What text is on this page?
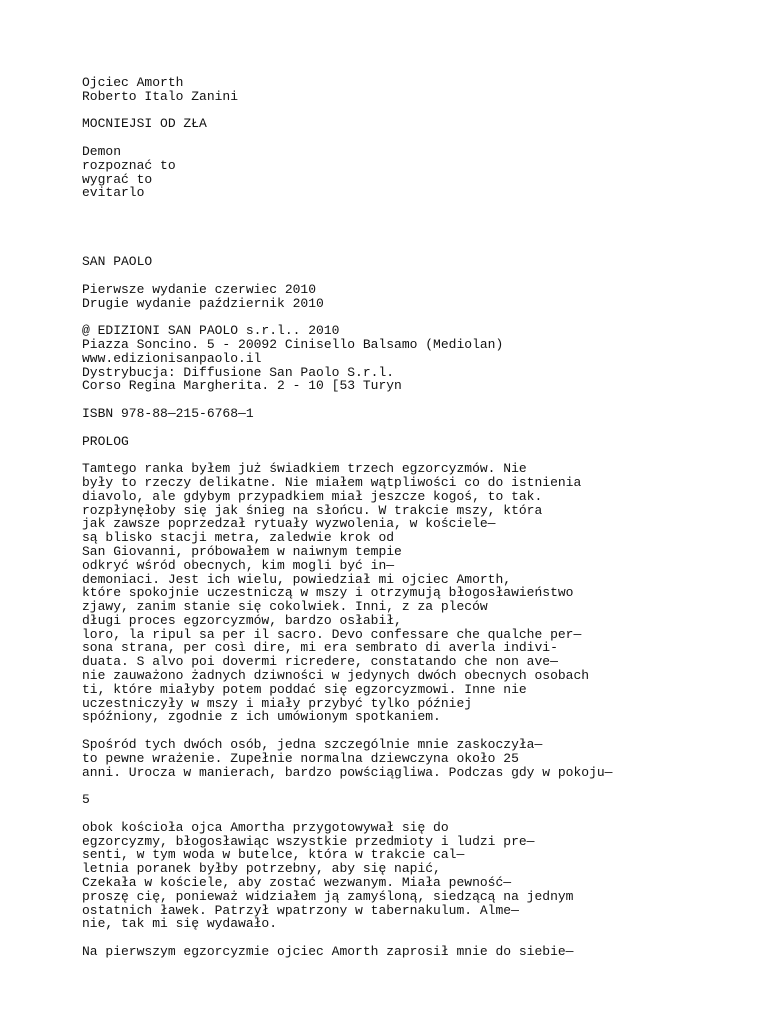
Ojciec Amorth
Roberto Italo Zanini
MOCNIEJSI OD ZŁA
Demon
rozpoznać to
wygrać to
evitarlo
SAN PAOLO
Pierwsze wydanie czerwiec 2010
Drugie wydanie październik 2010
@ EDIZIONI SAN PAOLO s.r.l.. 2010
Piazza Soncino. 5 - 20092 Cinisello Balsamo (Mediolan)
www.edizionisanpaolo.il
Dystrybucja: Diffusione San Paolo S.r.l.
Corso Regina Margherita. 2 - 10 [53 Turyn
ISBN 978-88—215-6768—1
PROLOG
Tamtego ranka byłem już świadkiem trzech egzorcyzmów. Nie
były to rzeczy delikatne. Nie miałem wątpliwości co do istnienia
diavolo, ale gdybym przypadkiem miał jeszcze kogoś, to tak.
rozpłynęłoby się jak śnieg na słońcu. W trakcie mszy, która
jak zawsze poprzedzał rytuały wyzwolenia, w kościele—
są blisko stacji metra, zaledwie krok od
San Giovanni, próbowałem w naiwnym tempie
odkryć wśród obecnych, kim mogli być in—
demoniaci. Jest ich wielu, powiedział mi ojciec Amorth,
które spokojnie uczestniczą w mszy i otrzymują błogosławieństwo
zjawy, zanim stanie się cokolwiek. Inni, z za pleców
długi proces egzorcyzmów, bardzo osłabił,
loro, la ripul sa per il sacro. Devo confessare che qualche per—
sona strana, per così dire, mi era sembrato di averla indivi-
duata. S alvo poi dovermi ricredere, constatando che non ave—
nie zauważono żadnych dziwności w jedynych dwóch obecnych osobach
ti, które miałyby potem poddać się egzorcyzmowi. Inne nie
uczestniczyły w mszy i miały przybyć tylko później
spóźniony, zgodnie z ich umówionym spotkaniem.
Spośród tych dwóch osób, jedna szczególnie mnie zaskoczyła—
to pewne wrażenie. Zupełnie normalna dziewczyna około 25
anni. Urocza w manierach, bardzo powściągliwa. Podczas gdy w pokoju—
5
obok kościoła ojca Amortha przygotowywał się do
egzorcyzmy, błogosławiąc wszystkie przedmioty i ludzi pre—
senti, w tym woda w butelce, która w trakcie cal—
letnia poranek byłby potrzebny, aby się napić,
Czekała w kościele, aby zostać wezwanym. Miała pewność—
proszę cię, ponieważ widziałem ją zamyśloną, siedzącą na jednym
ostatnich ławek. Patrzył wpatrzony w tabernakulum. Alme—
nie, tak mi się wydawało.
Na pierwszym egzorcyzmie ojciec Amorth zaprosił mnie do siebie—
